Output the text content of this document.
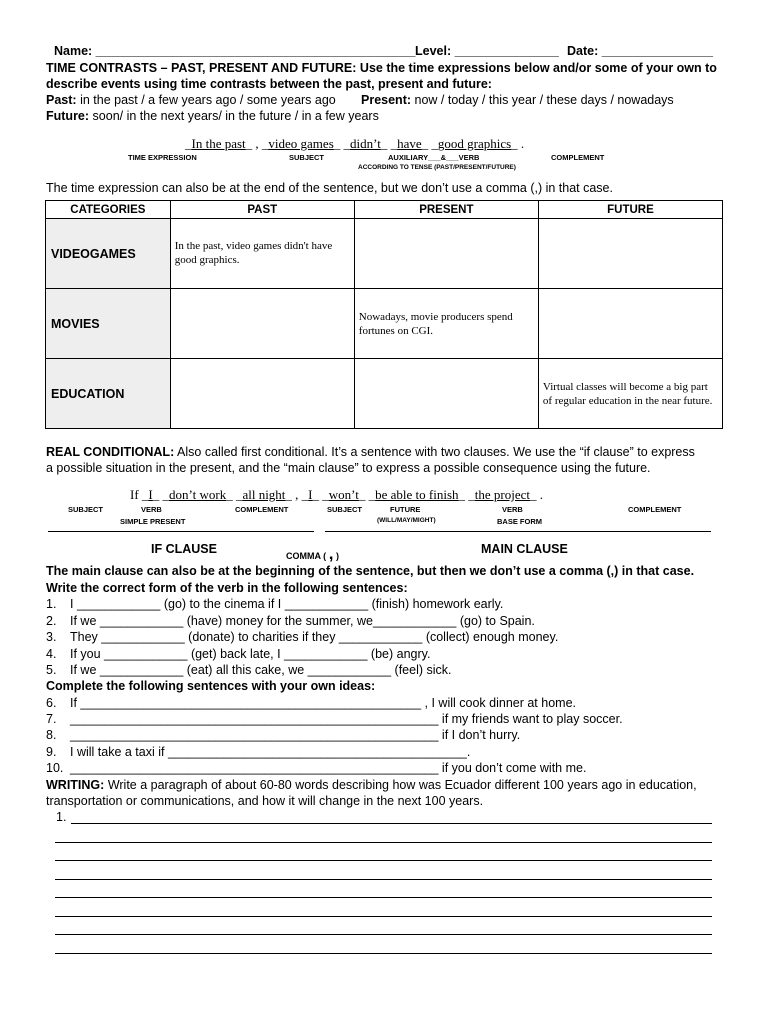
Name: ______________________________________________ Level: _______________ Date: ________________
TIME CONTRASTS – PAST, PRESENT AND FUTURE: Use the time expressions below and/or some of your own to
describe events using time contrasts between the past, present and future:
Past: in the past / a few years ago / some years ago Present: now / today / this year / these days / nowadays
Future: soon/ in the next years/ in the future / in a few years
_In the past_ , _video games_ _didn’t_ _have_ _good graphics_ .
TIME EXPRESSION	SUBJECT	AUXILIARY___&___VERB
ACCORDING TO TENSE (PAST/PRESENT/FUTURE)
COMPLEMENT
The time expression can also be at the end of the sentence, but we don’t use a comma (,) in that case.
CATEGORIES	PAST	PRESENT	FUTURE
VIDEOGAMES	In the past, video games didn't have good graphics.		
MOVIES		Nowadays, movie producers spend fortunes on CGI.	
EDUCATION			Virtual classes will become a big part of regular education in the near future.
REAL CONDITIONAL: Also called first conditional. It’s a sentence with two clauses. We use the “if clause” to express
a possible situation in the present, and the “main clause” to express a possible consequence using the future.
If _I_ _don’t work_ _all night_ , _I_ _won’t_ _be able to finish_ _the project_ .
SUBJECT	VERB
SIMPLE PRESENT
COMPLEMENT	SUBJECT	FUTURE
(WILL/MAY/MIGHT)
VERB
BASE FORM
COMPLEMENT
IF CLAUSE	COMMA ( , )	MAIN CLAUSE
The main clause can also be at the beginning of the sentence, but then we don’t use a comma (,) in that case.
Write the correct form of the verb in the following sentences:
1. I ____________ (go) to the cinema if I ____________ (finish) homework early.
2. If we ____________ (have) money for the summer, we____________ (go) to Spain.
3. They ____________ (donate) to charities if they ____________ (collect) enough money.
4. If you ____________ (get) back late, I ____________ (be) angry.
5. If we ____________ (eat) all this cake, we ____________ (feel) sick.
Complete the following sentences with your own ideas:
6. If _________________________________________________ , I will cook dinner at home.
7. _____________________________________________________ if my friends want to play soccer.
8. _____________________________________________________ if I don’t hurry.
9. I will take a taxi if ___________________________________________.
10. _____________________________________________________ if you don’t come with me.
WRITING: Write a paragraph of about 60-80 words describing how was Ecuador different 100 years ago in education,
transportation or communications, and how it will change in the next 100 years.
1.
